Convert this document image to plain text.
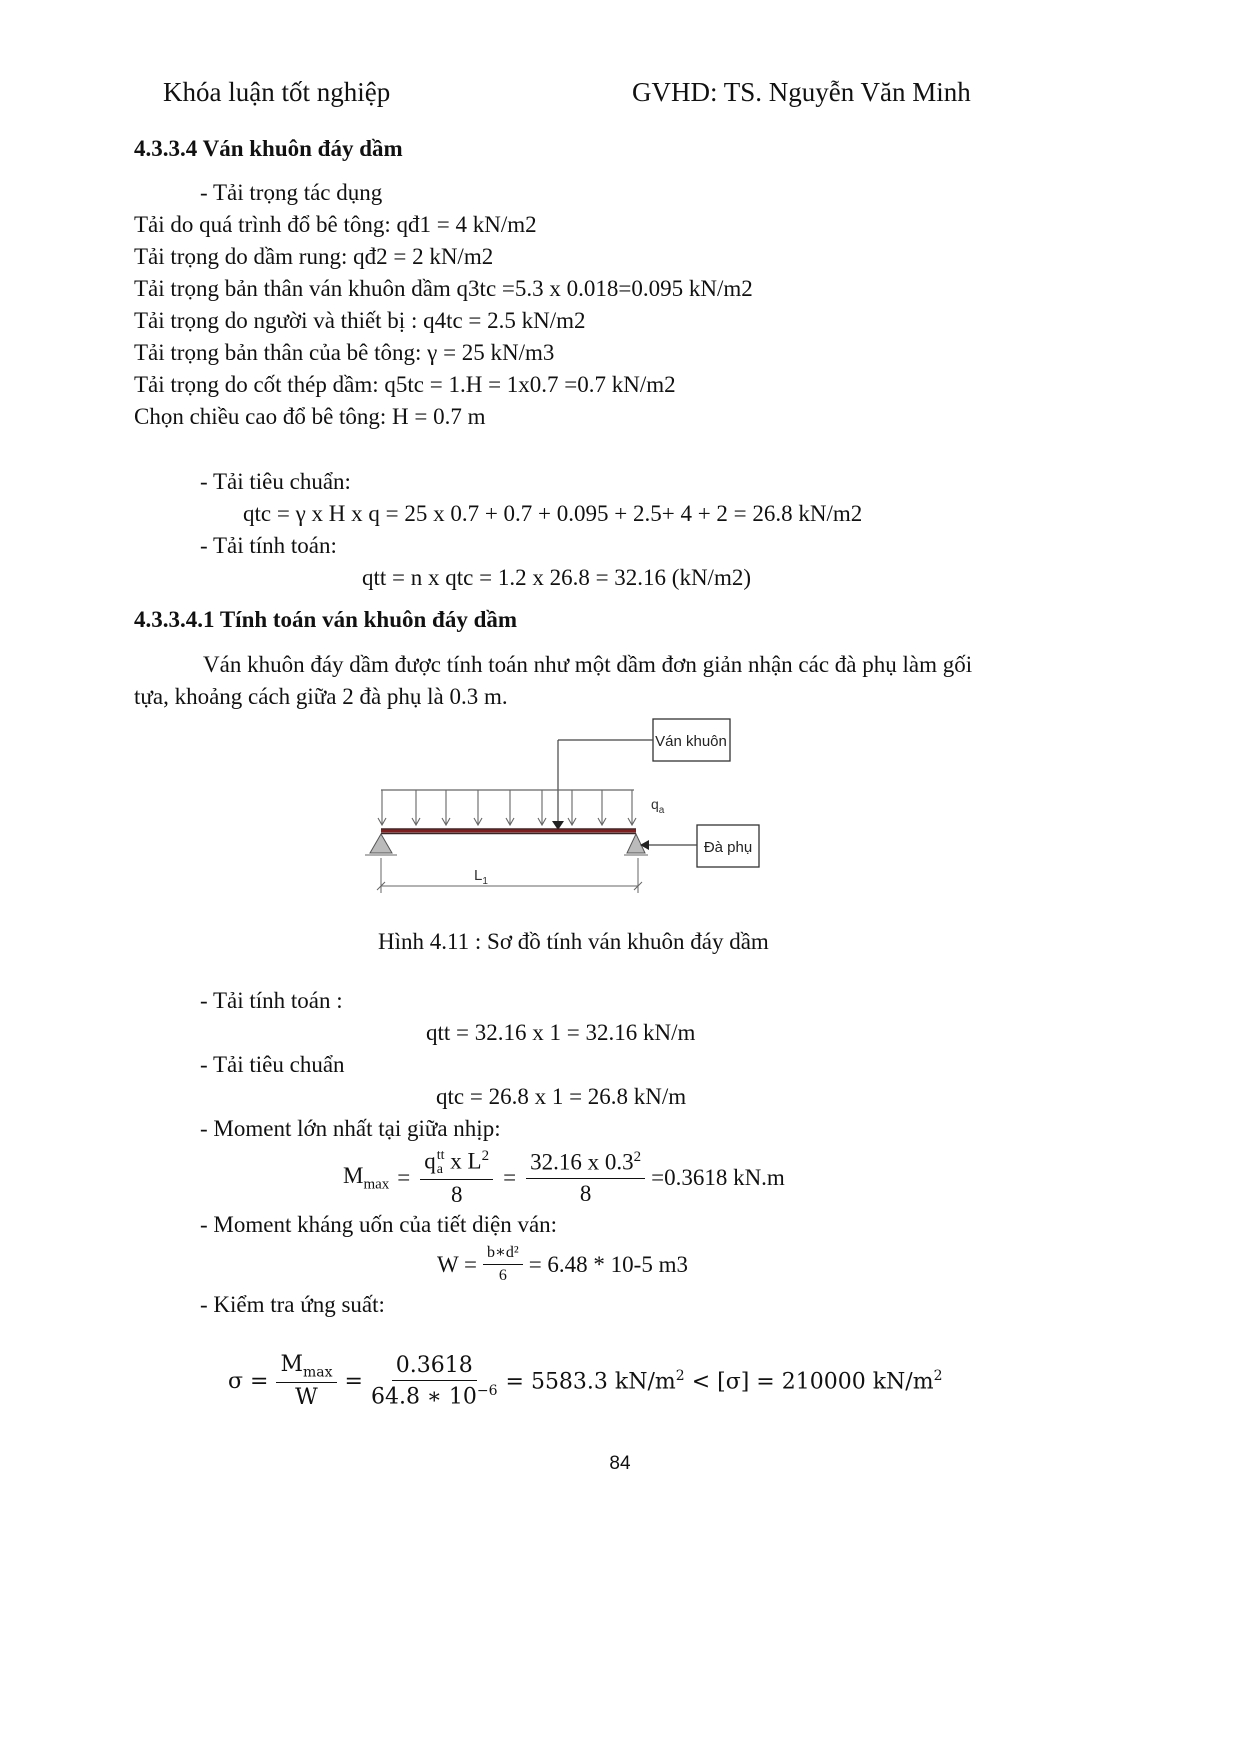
Khóa luận tốt nghiệp	GVHD: TS. Nguyễn Văn Minh
4.3.3.4 Ván khuôn đáy dầm
- Tải trọng tác dụng
Tải do quá trình đổ bê tông: qđ1 = 4 kN/m2
Tải trọng do dầm rung: qđ2 = 2 kN/m2
Tải trọng bản thân ván khuôn dầm q3tc =5.3 x 0.018=0.095 kN/m2
Tải trọng do người và thiết bị : q4tc = 2.5 kN/m2
Tải trọng bản thân của bê tông: γ = 25 kN/m3
Tải trọng do cốt thép dầm: q5tc = 1.H = 1x0.7 =0.7 kN/m2
Chọn chiều cao đổ bê tông: H = 0.7 m
- Tải tiêu chuẩn:
qtc = γ x H x q = 25 x 0.7 + 0.7 + 0.095 + 2.5+ 4 + 2 = 26.8 kN/m2
- Tải tính toán:
qtt = n x qtc = 1.2 x 26.8 = 32.16 (kN/m2)
4.3.3.4.1 Tính toán ván khuôn đáy dầm
Ván khuôn đáy dầm được tính toán như một dầm đơn giản nhận các đà phụ làm gối
tựa, khoảng cách giữa 2 đà phụ là 0.3 m.
Ván khuôn
$q_a$
Đà phụ
$L_1$
Hình 4.11 : Sơ đồ tính ván khuôn đáy dầm
- Tải tính toán :
qtt = 32.16 x 1 = 32.16 kN/m
- Tải tiêu chuẩn
qtc = 26.8 x 1 = 26.8 kN/m
- Moment lớn nhất tại giữa nhịp:
$M_{max} = q$ tt
a x $L^2$
$8 = \frac{32.16 x 0.3^2}{8} =0.3618$ kN.m
- Moment kháng uốn của tiết diện ván:
$W = \frac{\text{b∗d²}}{6} = 6.48 * 10-5$ m3
- Kiểm tra ứng suất:
$\sigma = \frac{M_{max}}{W} = \frac{0.3618}{64.8 ∗ 10^{-6}} = 5583.3$ $kN/m^2 < [\sigma] = 210000$ $kN/m^2$
84
